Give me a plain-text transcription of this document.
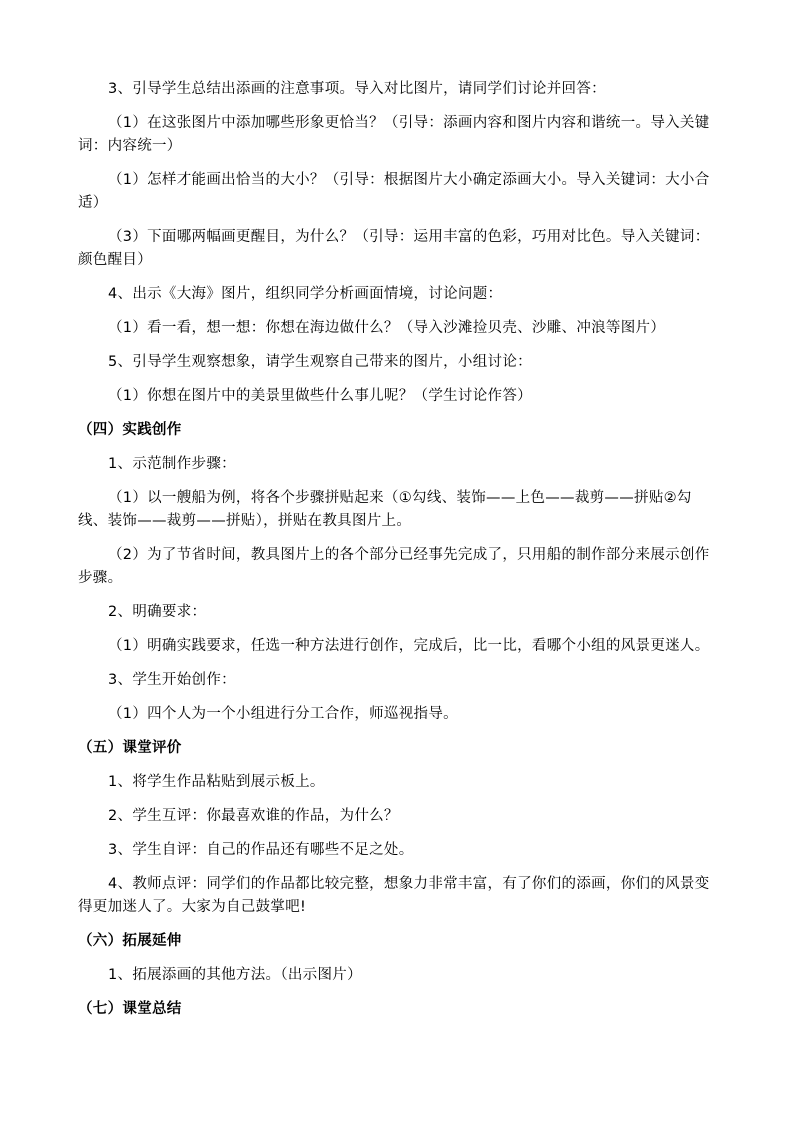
3、引导学生总结出添画的注意事项。导入对比图片，请同学们讨论并回答：

（1）在这张图片中添加哪些形象更恰当？（引导：添画内容和图片内容和谐统一。导入关键词：内容统一）

（1）怎样才能画出恰当的大小？（引导：根据图片大小确定添画大小。导入关键词：大小合适）

（3）下面哪两幅画更醒目，为什么？（引导：运用丰富的色彩，巧用对比色。导入关键词：颜色醒目）

4、出示《大海》图片，组织同学分析画面情境，讨论问题：

（1）看一看，想一想：你想在海边做什么？（导入沙滩捡贝壳、沙雕、冲浪等图片）

5、引导学生观察想象，请学生观察自己带来的图片，小组讨论：

（1）你想在图片中的美景里做些什么事儿呢？（学生讨论作答）

（四）实践创作

1、示范制作步骤：

（1）以一艘船为例，将各个步骤拼贴起来（①勾线、装饰——上色——裁剪——拼贴②勾线、装饰——裁剪——拼贴），拼贴在教具图片上。

（2）为了节省时间，教具图片上的各个部分已经事先完成了，只用船的制作部分来展示创作步骤。

2、明确要求：

（1）明确实践要求，任选一种方法进行创作，完成后，比一比，看哪个小组的风景更迷人。

3、学生开始创作：

（1）四个人为一个小组进行分工合作，师巡视指导。

（五）课堂评价

1、将学生作品粘贴到展示板上。

2、学生互评：你最喜欢谁的作品，为什么？

3、学生自评：自己的作品还有哪些不足之处。

4、教师点评：同学们的作品都比较完整，想象力非常丰富，有了你们的添画，你们的风景变得更加迷人了。大家为自己鼓掌吧!

（六）拓展延伸

1、拓展添画的其他方法。（出示图片）

（七）课堂总结
